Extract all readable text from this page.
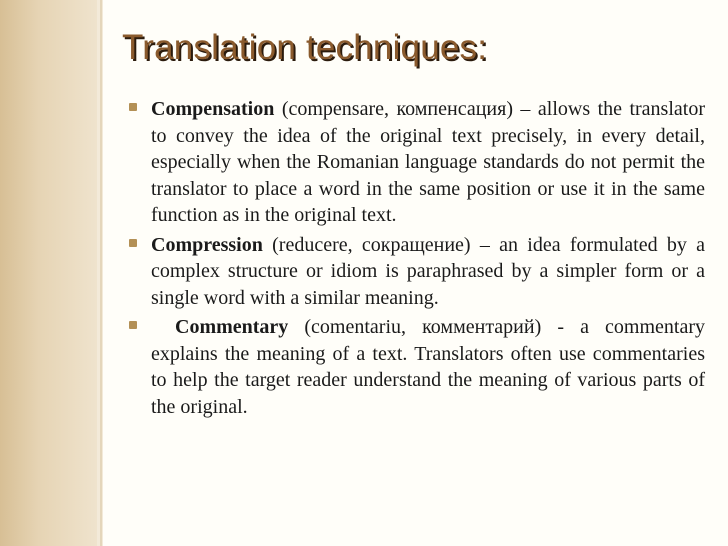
Translation techniques:
Compensation (compensare, компенсация) – allows the translator to convey the idea of the original text precisely, in every detail, especially when the Romanian language standards do not permit the translator to place a word in the same position or use it in the same function as in the original text.
Compression (reducere, сокращение) – an idea formulated by a complex structure or idiom is paraphrased by a simpler form or a single word with a similar meaning.
Commentary (comentariu, комментарий) - a commentary explains the meaning of a text. Translators often use commentaries to help the target reader understand the meaning of various parts of the original.
